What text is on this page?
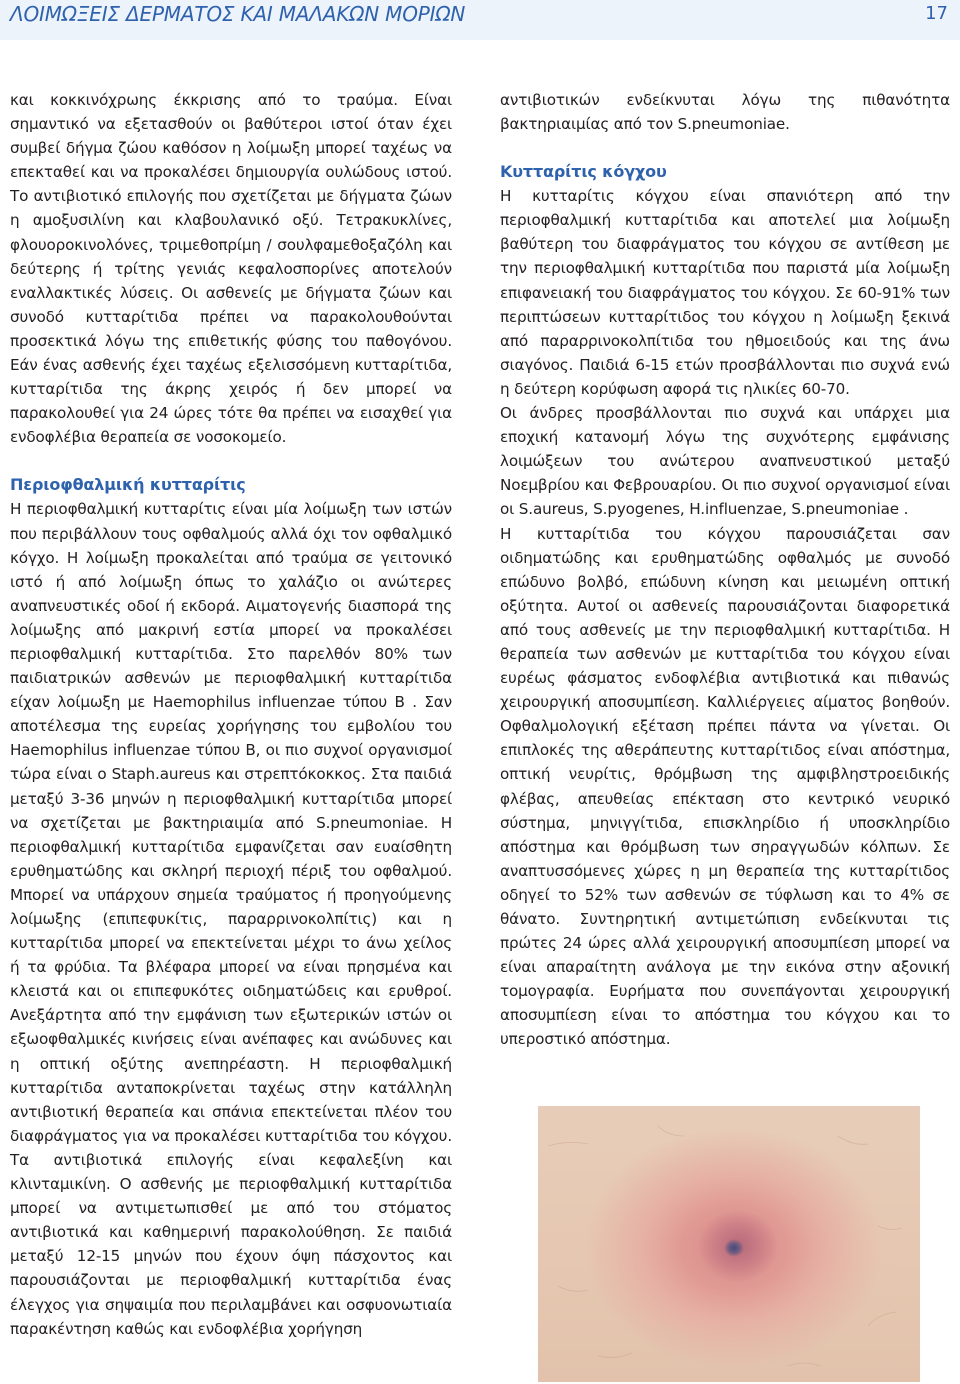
ΛΟΙΜΩΞΕΙΣ ΔΕΡΜΑΤΟΣ ΚΑΙ ΜΑΛΑΚΩΝ ΜΟΡΙΩΝ	17

και κοκκινόχρωης έκκρισης από το τραύμα. Είναι σημαντικό να εξετασθούν οι βαθύτεροι ιστοί όταν έχει συμβεί δήγμα ζώου καθόσον η λοίμωξη μπορεί ταχέως να επεκταθεί και να προκαλέσει δημιουργία ουλώδους ιστού. Το αντιβιοτικό επιλογής που σχετίζεται με δήγματα ζώων η αμοξυσιλίνη και κλαβουλανικό οξύ. Τετρακυκλίνες, φλουοροκινολόνες, τριμεθοπρίμη / σουλφαμεθοξαζόλη και δεύτερης ή τρίτης γενιάς κεφαλοσπορίνες αποτελούν εναλλακτικές λύσεις. Οι ασθενείς με δήγματα ζώων και συνοδό κυτταρίτιδα πρέπει να παρακολουθούνται προσεκτικά λόγω της επιθετικής φύσης του παθογόνου. Εάν ένας ασθενής έχει ταχέως εξελισσόμενη κυτταρίτιδα, κυτταρίτιδα της άκρης χειρός ή δεν μπορεί να παρακολουθεί για 24 ώρες τότε θα πρέπει να εισαχθεί για ενδοφλέβια θεραπεία σε νοσοκομείο.

Περιοφθαλμική κυτταρίτις

Η περιοφθαλμική κυτταρίτις είναι μία λοίμωξη των ιστών που περιβάλλουν τους οφθαλμούς αλλά όχι τον οφθαλμικό κόγχο. Η λοίμωξη προκαλείται από τραύμα σε γειτονικό ιστό ή από λοίμωξη όπως το χαλάζιο οι ανώτερες αναπνευστικές οδοί ή εκδορά. Αιματογενής διασπορά της λοίμωξης από μακρινή εστία μπορεί να προκαλέσει περιοφθαλμική κυτταρίτιδα. Στο παρελθόν 80% των παιδιατρικών ασθενών με περιοφθαλμική κυτταρίτιδα είχαν λοίμωξη με Haemophilus influenzae τύπου Β . Σαν αποτέλεσμα της ευρείας χορήγησης του εμβολίου του Haemophilus influenzae τύπου Β, οι πιο συχνοί οργανισμοί τώρα είναι ο Staph.aureus και στρεπτόκοκκος. Στα παιδιά μεταξύ 3-36 μηνών η περιοφθαλμική κυτταρίτιδα μπορεί να σχετίζεται με βακτηριαιμία από S.pneumoniae. Η περιοφθαλμική κυτταρίτιδα εμφανίζεται σαν ευαίσθητη ερυθηματώδης και σκληρή περιοχή πέριξ του οφθαλμού. Μπορεί να υπάρχουν σημεία τραύματος ή προηγούμενης λοίμωξης (επιπεφυκίτις, παραρρινοκολπίτις) και η κυτταρίτιδα μπορεί να επεκτείνεται μέχρι το άνω χείλος ή τα φρύδια. Τα βλέφαρα μπορεί να είναι πρησμένα και κλειστά και οι επιπεφυκότες οιδηματώδεις και ερυθροί. Ανεξάρτητα από την εμφάνιση των εξωτερικών ιστών οι εξωοφθαλμικές κινήσεις είναι ανέπαφες και ανώδυνες και η οπτική οξύτης ανεπηρέαστη. Η περιοφθαλμική κυτταρίτιδα ανταποκρίνεται ταχέως στην κατάλληλη αντιβιοτική θεραπεία και σπάνια επεκτείνεται πλέον του διαφράγματος για να προκαλέσει κυτταρίτιδα του κόγχου. Τα αντιβιοτικά επιλογής είναι κεφαλεξίνη και κλινταμικίνη. Ο ασθενής με περιοφθαλμική κυτταρίτιδα μπορεί να αντιμετωπισθεί με από του στόματος αντιβιοτικά και καθημερινή παρακολούθηση. Σε παιδιά μεταξύ 12-15 μηνών που έχουν όψη πάσχοντος και παρουσιάζονται με περιοφθαλμική κυτταρίτιδα ένας έλεγχος για σηψαιμία που περιλαμβάνει και οσφυονωτιαία παρακέντηση καθώς και ενδοφλέβια χορήγηση

αντιβιοτικών ενδείκνυται λόγω της πιθανότητα βακτηριαιμίας από τον S.pneumoniae.

Κυτταρίτις κόγχου

Η κυτταρίτις κόγχου είναι σπανιότερη από την περιοφθαλμική κυτταρίτιδα και αποτελεί μια λοίμωξη βαθύτερη του διαφράγματος του κόγχου σε αντίθεση με την περιοφθαλμική κυτταρίτιδα που παριστά μία λοίμωξη επιφανειακή του διαφράγματος του κόγχου. Σε 60-91% των περιπτώσεων κυτταρίτιδος του κόγχου η λοίμωξη ξεκινά από παραρρινοκολπίτιδα του ηθμοειδούς και της άνω σιαγόνος. Παιδιά 6-15 ετών προσβάλλονται πιο συχνά ενώ η δεύτερη κορύφωση αφορά τις ηλικίες 60-70.

Οι άνδρες προσβάλλονται πιο συχνά και υπάρχει μια εποχική κατανομή λόγω της συχνότερης εμφάνισης λοιμώξεων του ανώτερου αναπνευστικού μεταξύ Νοεμβρίου και Φεβρουαρίου. Οι πιο συχνοί οργανισμοί είναι οι S.aureus, S.pyogenes, H.influenzae, S.pneumoniae .

Η κυτταρίτιδα του κόγχου παρουσιάζεται σαν οιδηματώδης και ερυθηματώδης οφθαλμός με συνοδό επώδυνο βολβό, επώδυνη κίνηση και μειωμένη οπτική οξύτητα. Αυτοί οι ασθενείς παρουσιάζονται διαφορετικά από τους ασθενείς με την περιοφθαλμική κυτταρίτιδα. Η θεραπεία των ασθενών με κυτταρίτιδα του κόγχου είναι ευρέως φάσματος ενδοφλέβια αντιβιοτικά και πιθανώς χειρουργική αποσυμπίεση. Καλλιέργειες αίματος βοηθούν. Οφθαλμολογική εξέταση πρέπει πάντα να γίνεται. Οι επιπλοκές της αθεράπευτης κυτταρίτιδος είναι απόστημα, οπτική νευρίτις, θρόμβωση της αμφιβληστροειδικής φλέβας, απευθείας επέκταση στο κεντρικό νευρικό σύστημα, μηνιγγίτιδα, επισκληρίδιο ή υποσκληρίδιο απόστημα και θρόμβωση των σηραγγωδών κόλπων. Σε αναπτυσσόμενες χώρες η μη θεραπεία της κυτταρίτιδος οδηγεί το 52% των ασθενών σε τύφλωση και το 4% σε θάνατο. Συντηρητική αντιμετώπιση ενδείκνυται τις πρώτες 24 ώρες αλλά χειρουργική αποσυμπίεση μπορεί να είναι απαραίτητη ανάλογα με την εικόνα στην αξονική τομογραφία. Ευρήματα που συνεπάγονται χειρουργική αποσυμπίεση είναι το απόστημα του κόγχου και το υπεροστικό απόστημα.
